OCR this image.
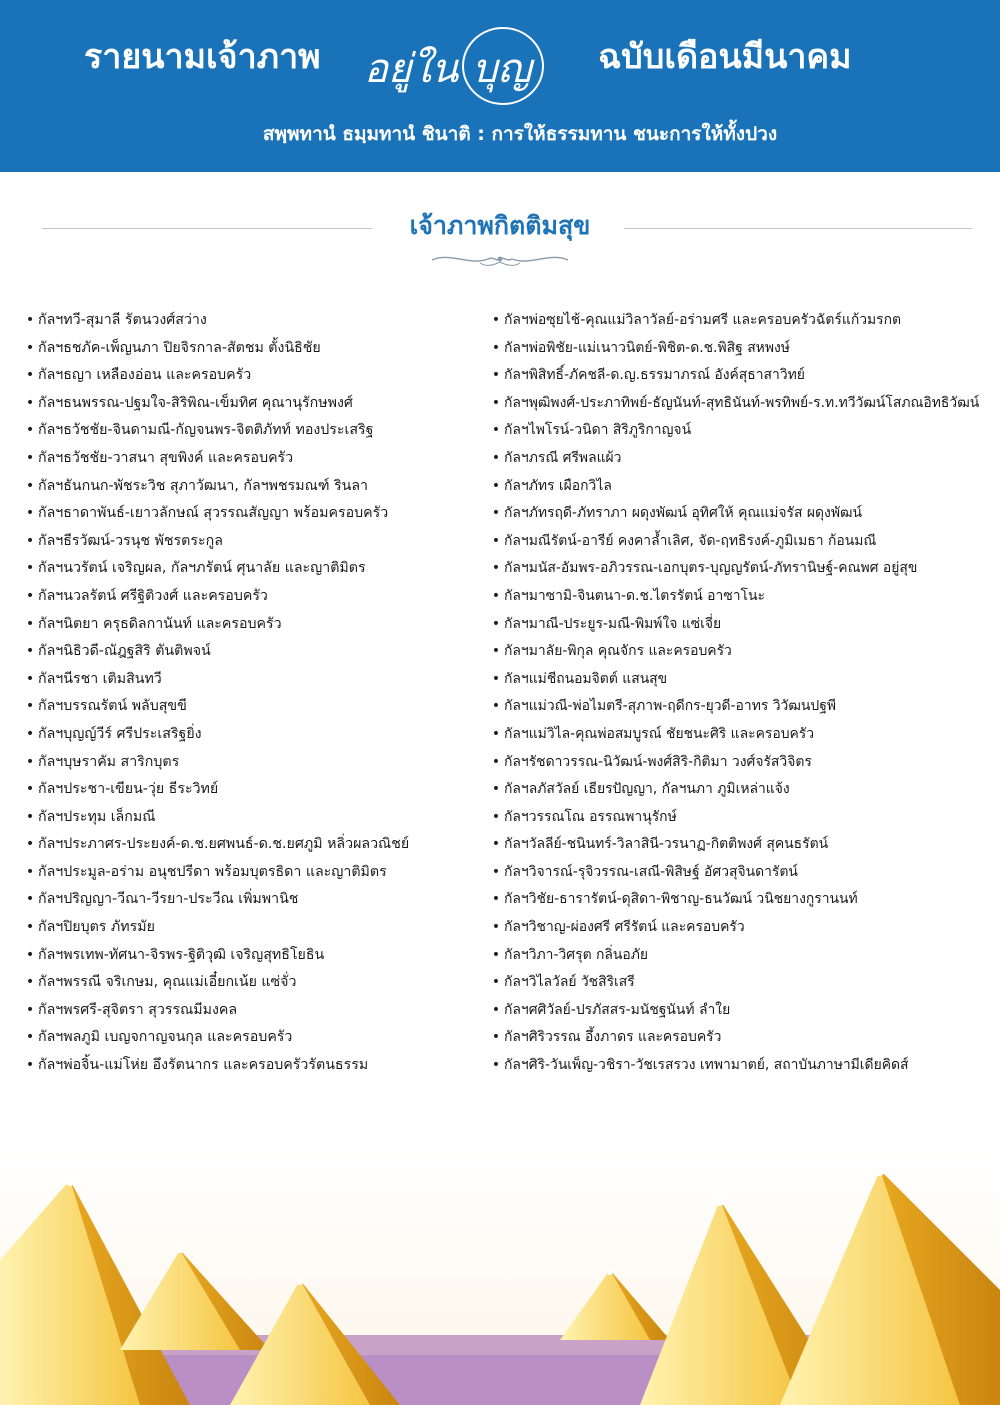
รายนามเจ้าภาพ อยู่ใน บุญ ฉบับเดือนมีนาคม
สพฺพทานํ ธมฺมทานํ ชินาติ : การให้ธรรมทาน ชนะการให้ทั้งปวง
เจ้าภาพกิตติมสุข
• กัลฯทวี-สุมาลี รัตนวงศ์สว่าง
• กัลฯธชภัค-เพ็ญนภา ปิยจิรกาล-สัตชม ตั้งนิธิชัย
• กัลฯธญา เหลืองอ่อน และครอบครัว
• กัลฯธนพรรณ-ปฐมใจ-สิริพิณ-เข็มทิศ คุณานุรักษพงศ์
• กัลฯธวัชชัย-จินดามณี-กัญจนพร-จิตติภัทท์ ทองประเสริฐ
• กัลฯธวัชชัย-วาสนา สุขพิงค์ และครอบครัว
• กัลฯธันกนก-พัชระวิช สุภาวัฒนา, กัลฯพชรมณฑ์ รินลา
• กัลฯธาดาพันธ์-เยาวลักษณ์ สุวรรณสัญญา พร้อมครอบครัว
• กัลฯธีรวัฒน์-วรนุช พัชรตระกูล
• กัลฯนวรัตน์ เจริญผล, กัลฯภรัตน์ ศุนาลัย และญาติมิตร
• กัลฯนวลรัตน์ ศรีฐิติวงศ์ และครอบครัว
• กัลฯนิตยา ครุธดิลกานันท์ และครอบครัว
• กัลฯนิธิวดี-ณัฎฐสิริ ตันติพจน์
• กัลฯนีรชา เติมสินทวี
• กัลฯบรรณรัตน์ พลับสุขขี
• กัลฯบุญญ์วีร์ ศรีประเสริฐยิ่ง
• กัลฯบุษราคัม สาริกบุตร
• กัลฯประชา-เขียน-วุ่ย ธีระวิทย์
• กัลฯประทุม เล็กมณี
• กัลฯประภาศร-ประยงค์-ด.ช.ยศพนธ์-ด.ช.ยศภูมิ หลิ่วผลวณิชย์
• กัลฯประมูล-อร่าม อนุชปรีดา พร้อมบุตรธิดา และญาติมิตร
• กัลฯปริญญา-วีณา-วีรยา-ประวีณ เพิ่มพานิช
• กัลฯปิยบุตร ภัทรมัย
• กัลฯพรเทพ-ทัศนา-จิรพร-ฐิติวุฒิ เจริญสุทธิโยธิน
• กัลฯพรรณี จริเกษม, คุณแม่เอี๋ยกเน้ย แซ่จั่ว
• กัลฯพรศรี-สุจิตรา สุวรรณมีมงคล
• กัลฯพลภูมิ เบญจกาญจนกุล และครอบครัว
• กัลฯพ่อจิ้น-แม่โห่ย อึงรัตนากร และครอบครัวรัตนธรรม
• กัลฯพ่อซุยไช้-คุณแม่วิลาวัลย์-อร่ามศรี และครอบครัวฉัตร์แก้วมรกต
• กัลฯพ่อพิชัย-แม่เนาวนิตย์-พิชิต-ด.ช.พิสิฐ สหพงษ์
• กัลฯพิสิทธิ์-ภัคชลี-ด.ญ.ธรรมาภรณ์ อังค์สุธาสาวิทย์
• กัลฯพุฒิพงศ์-ประภาทิพย์-ธัญนันท์-สุทธินันท์-พรทิพย์-ร.ท.ทวีวัฒน์โสภณอิทธิวัฒน์
• กัลฯไพโรน์-วนิดา สิริภูริกาญจน์
• กัลฯภรณี ศรีพลแผ้ว
• กัลฯภัทร เผือกวิไล
• กัลฯภัทรฤดี-ภัทราภา ผดุงพัฒน์ อุทิศให้ คุณแม่จรัส ผดุงพัฒน์
• กัลฯมณีรัตน์-อารีย์ คงคาล้ำเลิศ, จัด-ฤทธิรงค์-ภูมิเมธา ก้อนมณี
• กัลฯมนัส-อัมพร-อภิวรรณ-เอกบุตร-บุญญรัตน์-ภัทรานิษฐ์-คณพศ อยู่สุข
• กัลฯมาซามิ-จินตนา-ด.ช.ไตรรัตน์ อาซาโนะ
• กัลฯมาณี-ประยูร-มณี-พิมพ์ใจ แซ่เจี่ย
• กัลฯมาลัย-พิกุล คุณจักร และครอบครัว
• กัลฯแม่ชีถนอมจิตต์ แสนสุข
• กัลฯแม่วณี-พ่อไมตรี-สุภาพ-ฤดีกร-ยุวดี-อาทร วิวัฒนปฐพี
• กัลฯแม่วิไล-คุณพ่อสมบูรณ์ ชัยชนะศิริ และครอบครัว
• กัลฯรัชดาวรรณ-นิวัฒน์-พงศ์สิริ-กิติมา วงศ์จรัสวิจิตร
• กัลฯลภัสวัลย์ เธียรปัญญา, กัลฯนภา ภูมิเหล่าแจ้ง
• กัลฯวรรณโณ อรรณพานุรักษ์
• กัลฯวัลลีย์-ชนินทร์-วิลาสินี-วรนาฏ-กิตติพงศ์ สุคนธรัตน์
• กัลฯวิจารณ์-รุจิวรรณ-เสณี-พิสิษฐ์ อัศวสุจินดารัตน์
• กัลฯวิชัย-ธารารัตน์-ดุสิดา-พิชาญ-ธนวัฒน์ วนิชยางกูรานนท์
• กัลฯวิชาญ-ผ่องศรี ศรีรัตน์ และครอบครัว
• กัลฯวิภา-วิศรุต กลิ่นอภัย
• กัลฯวิไลวัลย์ วัชสิริเสรี
• กัลฯศศิวัลย์-ปรภัสสร-มนัชฐนันท์ ลำใย
• กัลฯศิริวรรณ อึ้งภาดร และครอบครัว
• กัลฯศิริ-วันเพ็ญ-วชิรา-วัชเรสรวง เทพามาตย์, สถาบันภาษามีเดียคิดส์
